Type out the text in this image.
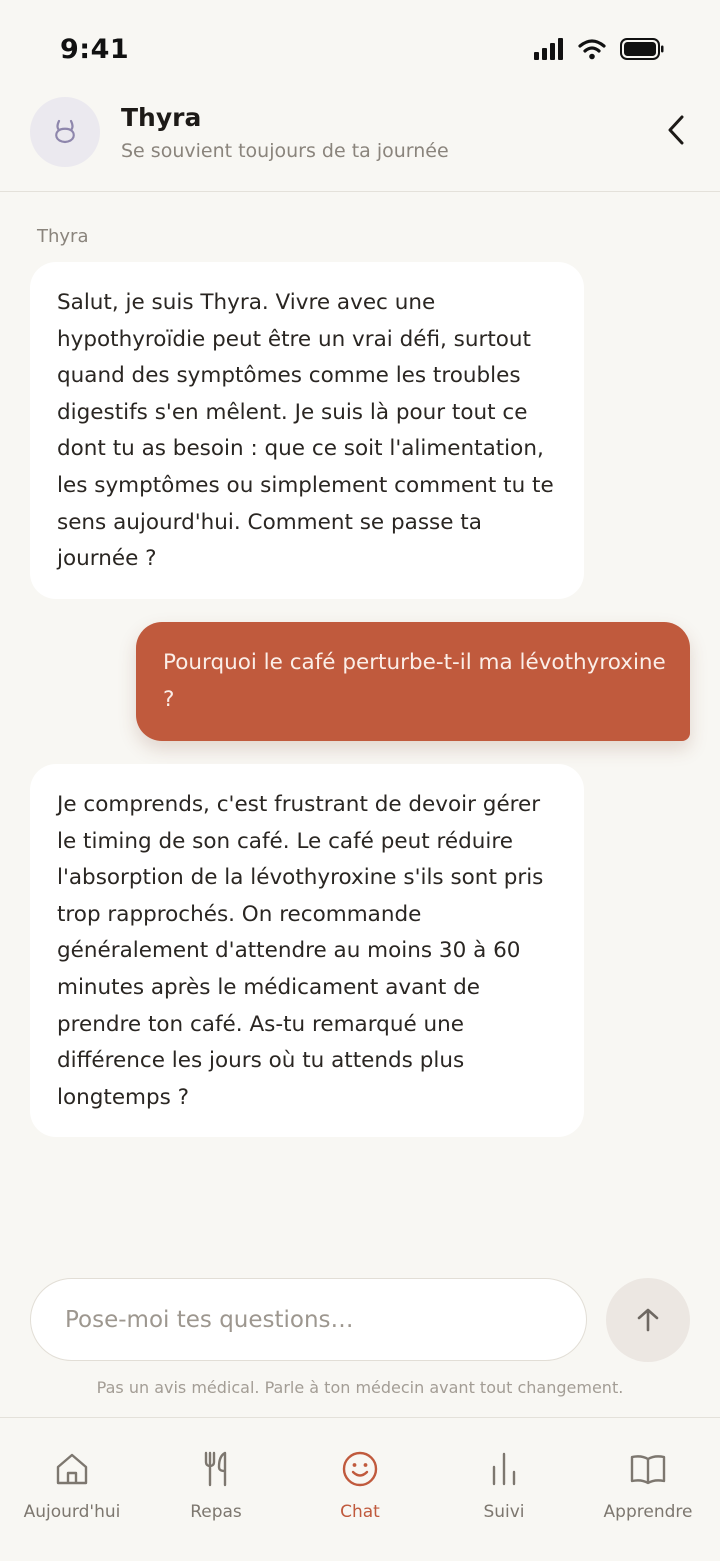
9:41
Thyra
Se souvient toujours de ta journée
Thyra
Salut, je suis Thyra. Vivre avec une hypothyroïdie peut être un vrai défi, surtout quand des symptômes comme les troubles digestifs s'en mêlent. Je suis là pour tout ce dont tu as besoin : que ce soit l'alimentation, les symptômes ou simplement comment tu te sens aujourd'hui. Comment se passe ta journée ?
Pourquoi le café perturbe-t-il ma lévothyroxine ?
Je comprends, c'est frustrant de devoir gérer le timing de son café. Le café peut réduire l'absorption de la lévothyroxine s'ils sont pris trop rapprochés. On recommande généralement d'attendre au moins 30 à 60 minutes après le médicament avant de prendre ton café. As-tu remarqué une différence les jours où tu attends plus longtemps ?
Pose-moi tes questions…
Pas un avis médical. Parle à ton médecin avant tout changement.
Aujourd'hui	Repas	Chat	Suivi	Apprendre
